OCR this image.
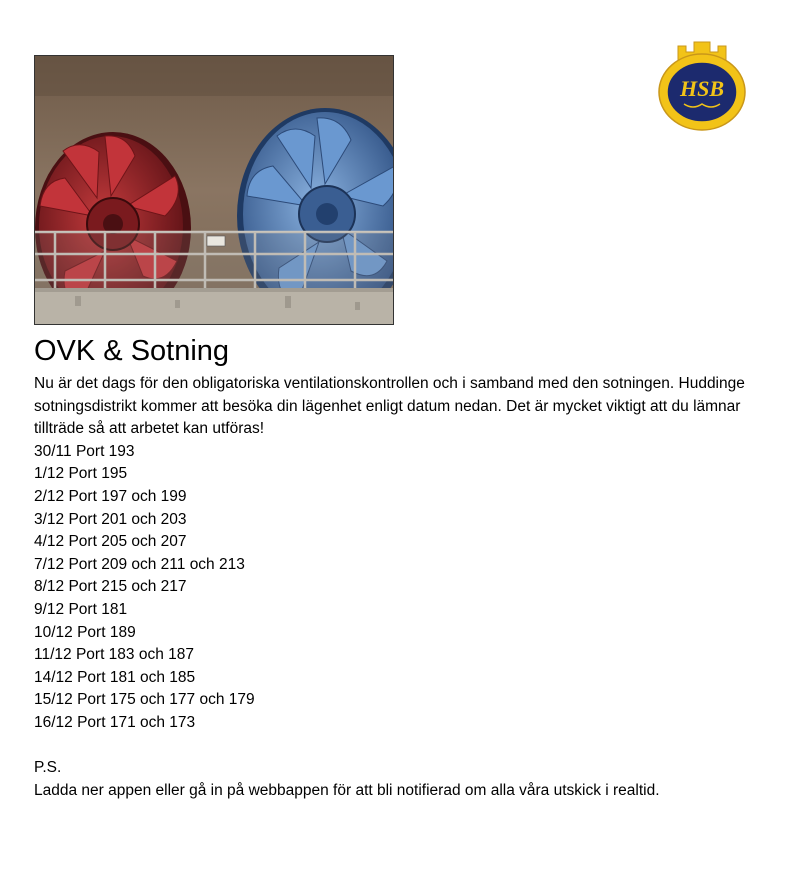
HSB
OVK & Sotning

Nu är det dags för den obligatoriska ventilationskontrollen och i samband med den sotningen. Huddinge sotningsdistrikt kommer att besöka din lägenhet enligt datum nedan. Det är mycket viktigt att du lämnar tillträde så att arbetet kan utföras!

30/11 Port 193
1/12 Port 195
2/12 Port 197 och 199
3/12 Port 201 och 203
4/12 Port 205 och 207
7/12 Port 209 och 211 och 213
8/12 Port 215 och 217
9/12 Port 181
10/12 Port 189
11/12 Port 183 och 187
14/12 Port 181 och 185
15/12 Port 175 och 177 och 179
16/12 Port 171 och 173

P.S.

Ladda ner appen eller gå in på webbappen för att bli notifierad om alla våra utskick i realtid.
